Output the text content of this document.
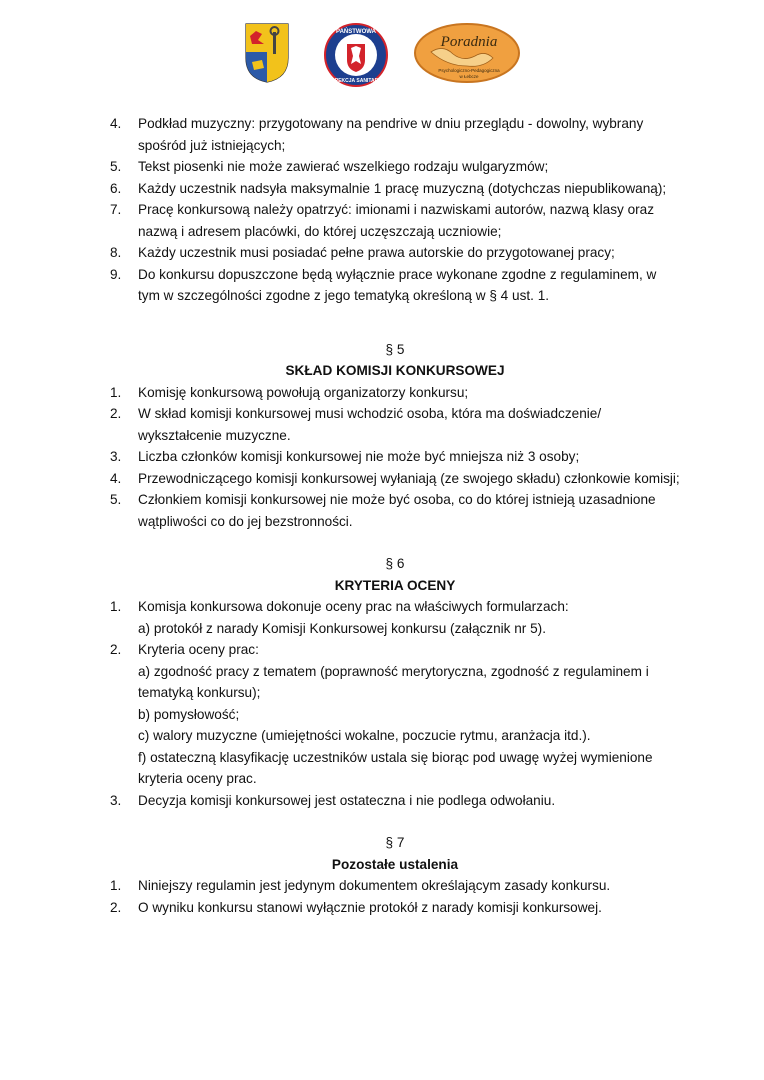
PAŃSTWOWA
INSPEKCJA SANITARNA
Poradnia
Psychologiczno-Pedagogiczna
w Łebcze
4. Podkład muzyczny: przygotowany na pendrive w dniu przeglądu - dowolny, wybrany spośród już istniejących;
5. Tekst piosenki nie może zawierać wszelkiego rodzaju wulgaryzmów;
6. Każdy uczestnik nadsyła maksymalnie 1 pracę muzyczną (dotychczas niepublikowaną);
7. Pracę konkursową należy opatrzyć: imionami i nazwiskami autorów, nazwą klasy oraz nazwą i adresem placówki, do której uczęszczają uczniowie;
8. Każdy uczestnik musi posiadać pełne prawa autorskie do przygotowanej pracy;
9. Do konkursu dopuszczone będą wyłącznie prace wykonane zgodne z regulaminem, w tym w szczególności zgodne z jego tematyką określoną w § 4 ust. 1.
§ 5
SKŁAD KOMISJI KONKURSOWEJ
1. Komisję konkursową powołują organizatorzy konkursu;
2. W skład komisji konkursowej musi wchodzić osoba, która ma doświadczenie/ wykształcenie muzyczne.
3. Liczba członków komisji konkursowej nie może być mniejsza niż 3 osoby;
4. Przewodniczącego komisji konkursowej wyłaniają (ze swojego składu) członkowie komisji;
5. Członkiem komisji konkursowej nie może być osoba, co do której istnieją uzasadnione wątpliwości co do jej bezstronności.
§ 6
KRYTERIA OCENY
1. Komisja konkursowa dokonuje oceny prac na właściwych formularzach:
a) protokół z narady Komisji Konkursowej konkursu (załącznik nr 5).
2. Kryteria oceny prac:
a) zgodność pracy z tematem (poprawność merytoryczna, zgodność z regulaminem i tematyką konkursu);
b) pomysłowość;
c) walory muzyczne (umiejętności wokalne, poczucie rytmu, aranżacja itd.).
f) ostateczną klasyfikację uczestników ustala się biorąc pod uwagę wyżej wymienione kryteria oceny prac.
3. Decyzja komisji konkursowej jest ostateczna i nie podlega odwołaniu.
§ 7
Pozostałe ustalenia
1. Niniejszy regulamin jest jedynym dokumentem określającym zasady konkursu.
2. O wyniku konkursu stanowi wyłącznie protokół z narady komisji konkursowej.
